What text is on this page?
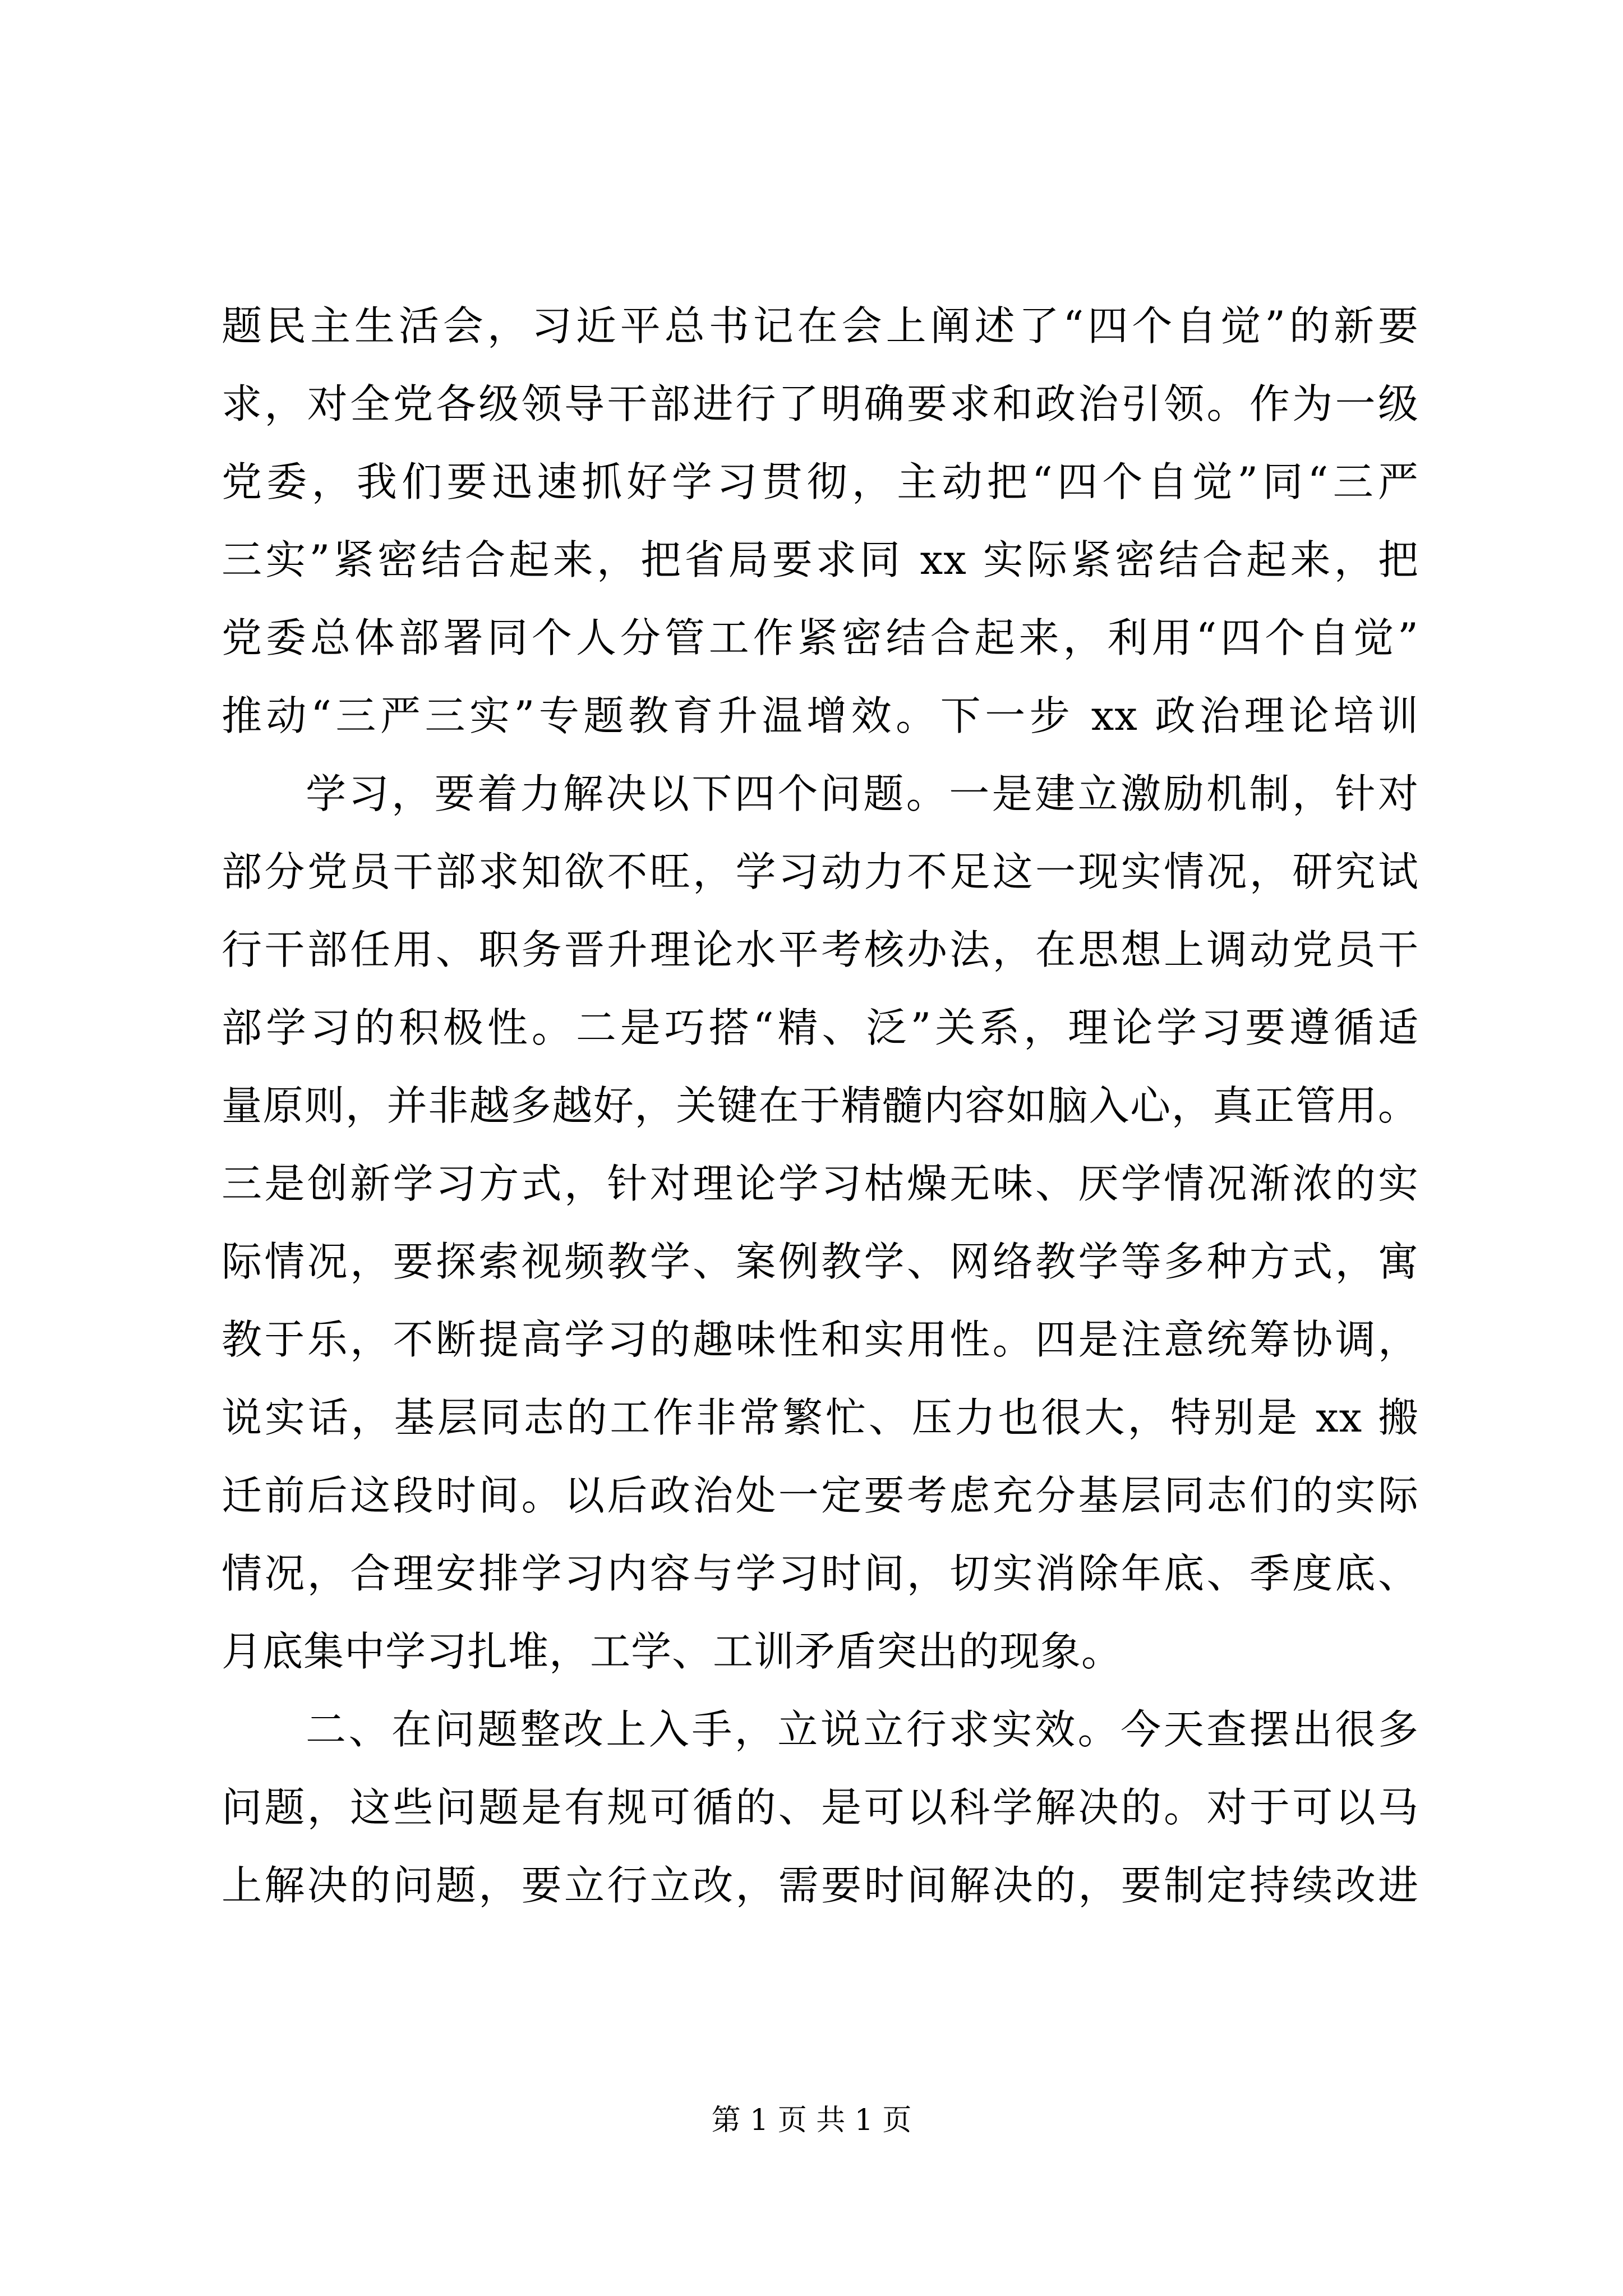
题民主生活会，习近平总书记在会上阐述了“四个自觉”的新要
求，对全党各级领导干部进行了明确要求和政治引领。作为一级
党委，我们要迅速抓好学习贯彻，主动把“四个自觉”同“三严
三实”紧密结合起来，把省局要求同 xx 实际紧密结合起来，把
党委总体部署同个人分管工作紧密结合起来，利用“四个自觉”
推动“三严三实”专题教育升温增效。下一步 xx 政治理论培训
学习，要着力解决以下四个问题。一是建立激励机制，针对
部分党员干部求知欲不旺，学习动力不足这一现实情况，研究试
行干部任用、职务晋升理论水平考核办法，在思想上调动党员干
部学习的积极性。二是巧搭“精、泛”关系，理论学习要遵循适
量原则，并非越多越好，关键在于精髓内容如脑入心，真正管用。
三是创新学习方式，针对理论学习枯燥无味、厌学情况渐浓的实
际情况，要探索视频教学、案例教学、网络教学等多种方式，寓
教于乐，不断提高学习的趣味性和实用性。四是注意统筹协调，
说实话，基层同志的工作非常繁忙、压力也很大，特别是 xx 搬
迁前后这段时间。以后政治处一定要考虑充分基层同志们的实际
情况，合理安排学习内容与学习时间，切实消除年底、季度底、
月底集中学习扎堆，工学、工训矛盾突出的现象。
二、在问题整改上入手，立说立行求实效。今天查摆出很多
问题，这些问题是有规可循的、是可以科学解决的。对于可以马
上解决的问题，要立行立改，需要时间解决的，要制定持续改进
第 1 页 共 1 页
